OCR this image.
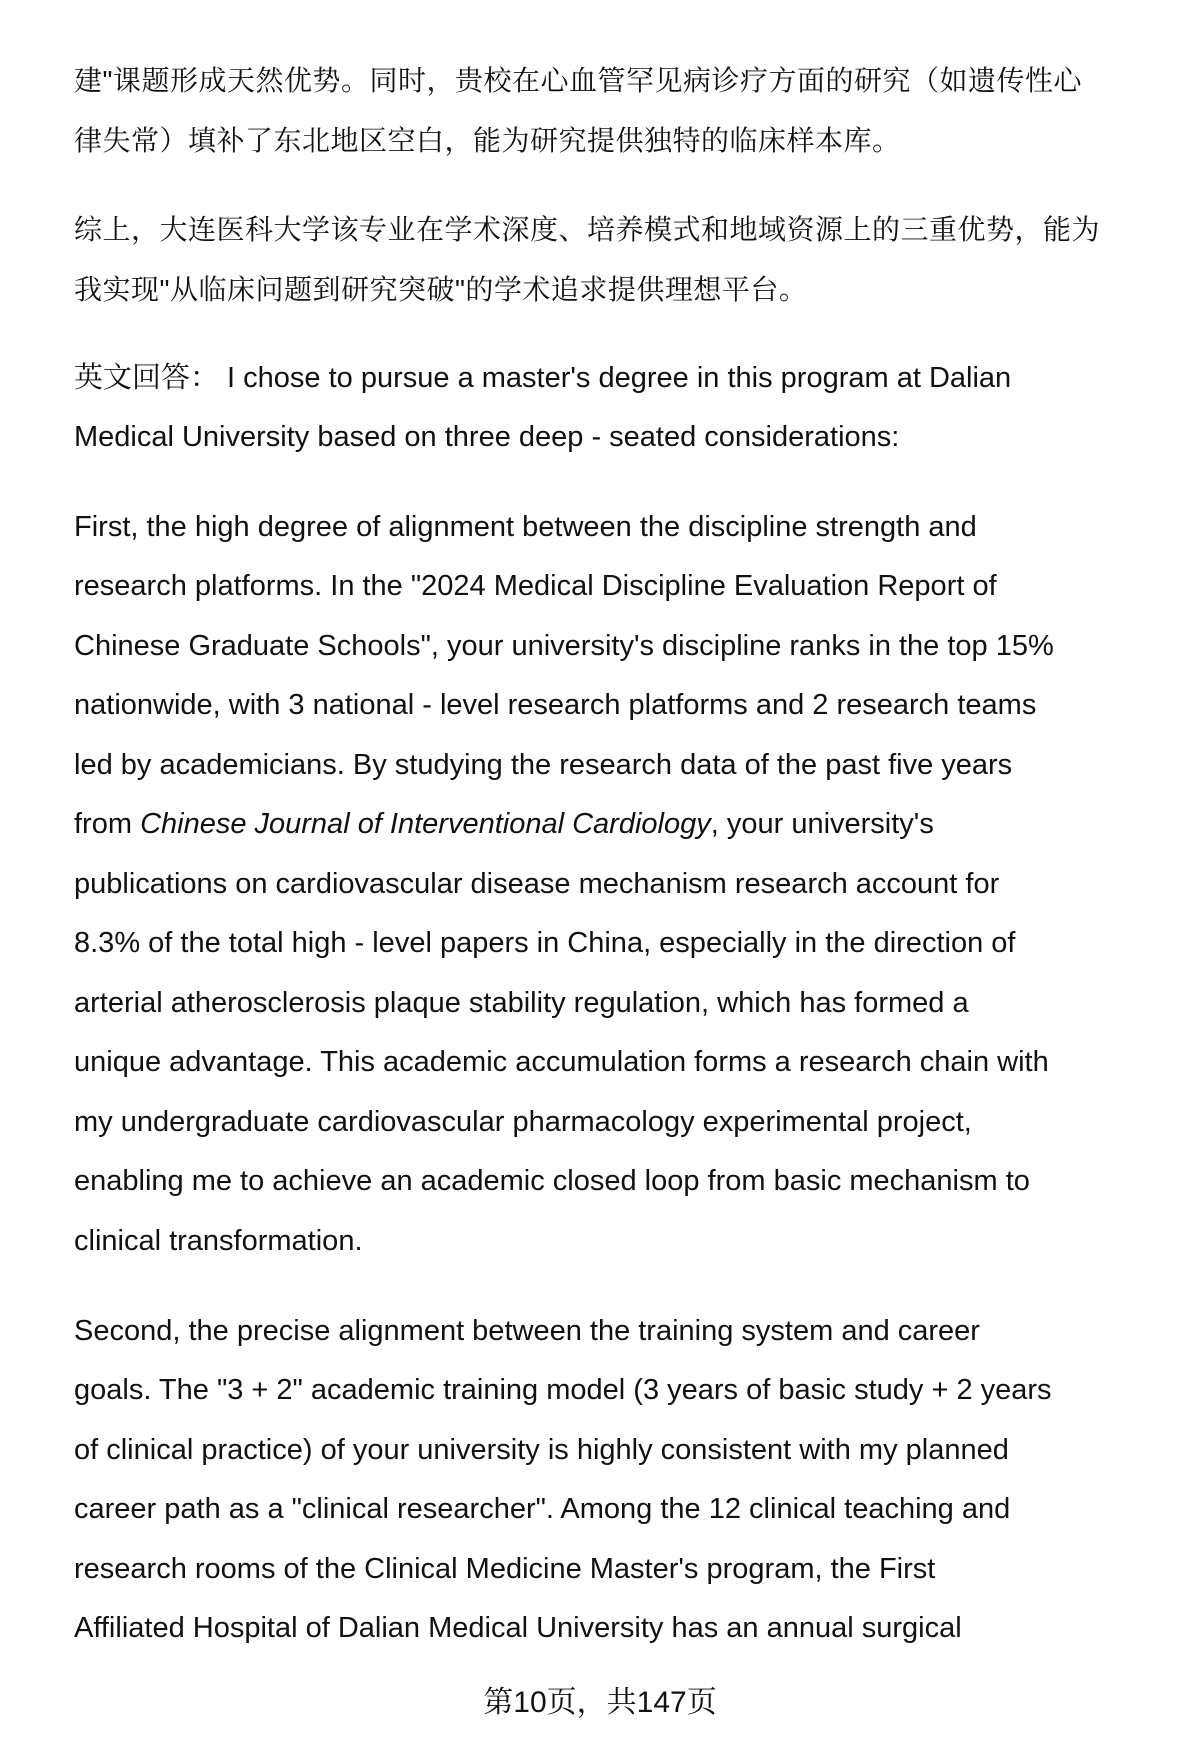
建"课题形成天然优势。同时，贵校在心血管罕见病诊疗方面的研究（如遗传性心
律失常）填补了东北地区空白，能为研究提供独特的临床样本库。
综上，大连医科大学该专业在学术深度、培养模式和地域资源上的三重优势，能为
我实现"从临床问题到研究突破"的学术追求提供理想平台。
英文回答： I chose to pursue a master's degree in this program at Dalian
Medical University based on three deep - seated considerations:
First, the high degree of alignment between the discipline strength and
research platforms. In the "2024 Medical Discipline Evaluation Report of
Chinese Graduate Schools", your university's discipline ranks in the top 15%
nationwide, with 3 national - level research platforms and 2 research teams
led by academicians. By studying the research data of the past five years
from Chinese Journal of Interventional Cardiology, your university's
publications on cardiovascular disease mechanism research account for
8.3% of the total high - level papers in China, especially in the direction of
arterial atherosclerosis plaque stability regulation, which has formed a
unique advantage. This academic accumulation forms a research chain with
my undergraduate cardiovascular pharmacology experimental project,
enabling me to achieve an academic closed loop from basic mechanism to
clinical transformation.
Second, the precise alignment between the training system and career
goals. The "3 + 2" academic training model (3 years of basic study + 2 years
of clinical practice) of your university is highly consistent with my planned
career path as a "clinical researcher". Among the 12 clinical teaching and
research rooms of the Clinical Medicine Master's program, the First
Affiliated Hospital of Dalian Medical University has an annual surgical
第10页，共147页
